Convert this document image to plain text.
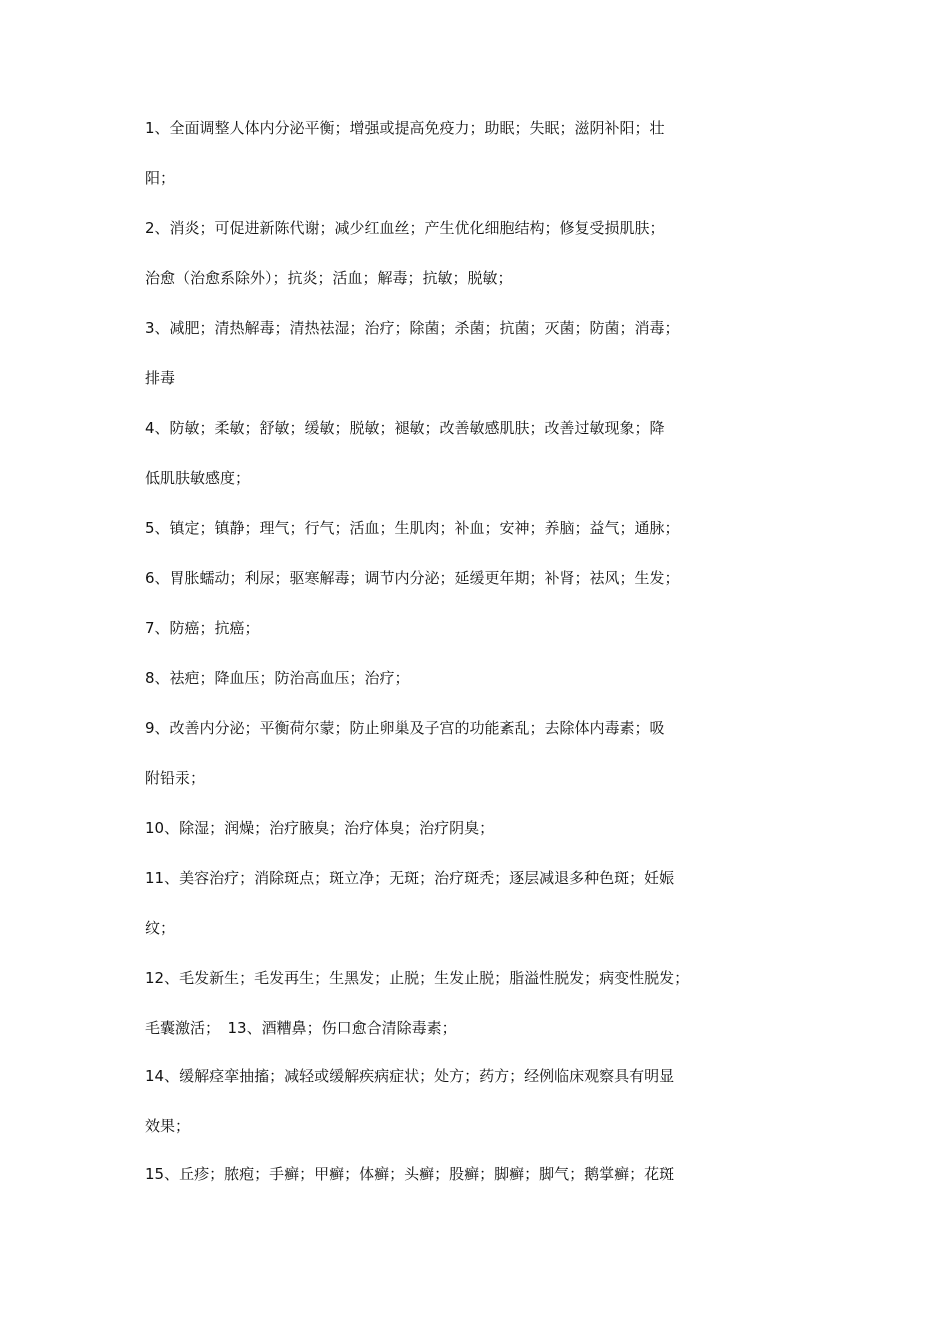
1、全面调整人体内分泌平衡；增强或提高免疫力；助眠；失眠；滋阴补阳；壮
阳；
2、消炎；可促进新陈代谢；减少红血丝；产生优化细胞结构；修复受损肌肤；
治愈（治愈系除外）；抗炎；活血；解毒；抗敏；脱敏；
3、减肥；清热解毒；清热祛湿；治疗；除菌；杀菌；抗菌；灭菌；防菌；消毒；
排毒
4、防敏；柔敏；舒敏；缓敏；脱敏；褪敏；改善敏感肌肤；改善过敏现象；降
低肌肤敏感度；
5、镇定；镇静；理气；行气；活血；生肌肉；补血；安神；养脑；益气；通脉；
6、胃胀蠕动；利尿；驱寒解毒；调节内分泌；延缓更年期；补肾；祛风；生发；
7、防癌；抗癌；
8、祛疤；降血压；防治高血压；治疗；
9、改善内分泌；平衡荷尔蒙；防止卵巢及子宫的功能紊乱；去除体内毒素；吸
附铅汞；
10、除湿；润燥；治疗腋臭；治疗体臭；治疗阴臭；
11、美容治疗；消除斑点；斑立净；无斑；治疗斑秃；逐层减退多种色斑；妊娠
纹；
12、毛发新生；毛发再生；生黑发；止脱；生发止脱；脂溢性脱发；病变性脱发；
毛囊激活；　13、酒糟鼻；伤口愈合清除毒素；
14、缓解痉挛抽搐；减轻或缓解疾病症状；处方；药方；经例临床观察具有明显
效果；
15、丘疹；脓疱；手癣；甲癣；体癣；头癣；股癣；脚癣；脚气；鹅掌癣；花斑
